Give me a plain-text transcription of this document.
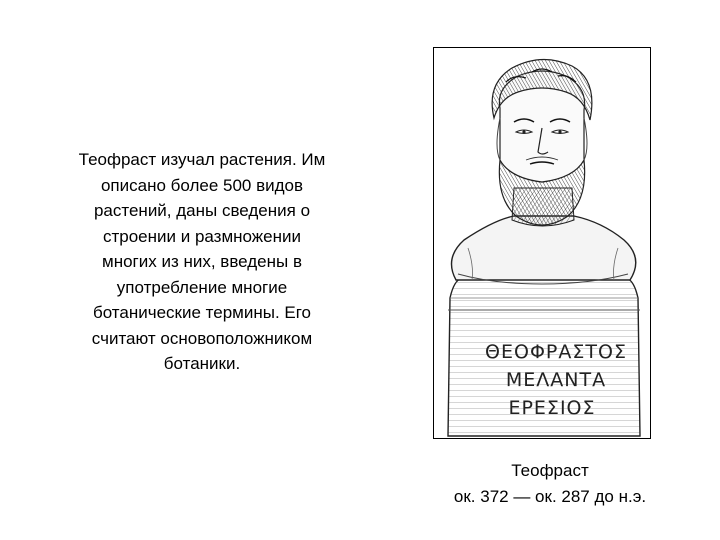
Теофраст изучал растения. Им
описано более 500 видов
растений, даны сведения о
строении и размножении
многих из них, введены в
употребление многие
ботанические термины. Его
считают основоположником
ботаники.
ΘΕΟΦΡΑΣΤΟΣ
ΜΕΛΑΝΤΑ
ΕΡΕΣΙΟΣ
Теофраст
ок. 372 — ок. 287 до н.э.
